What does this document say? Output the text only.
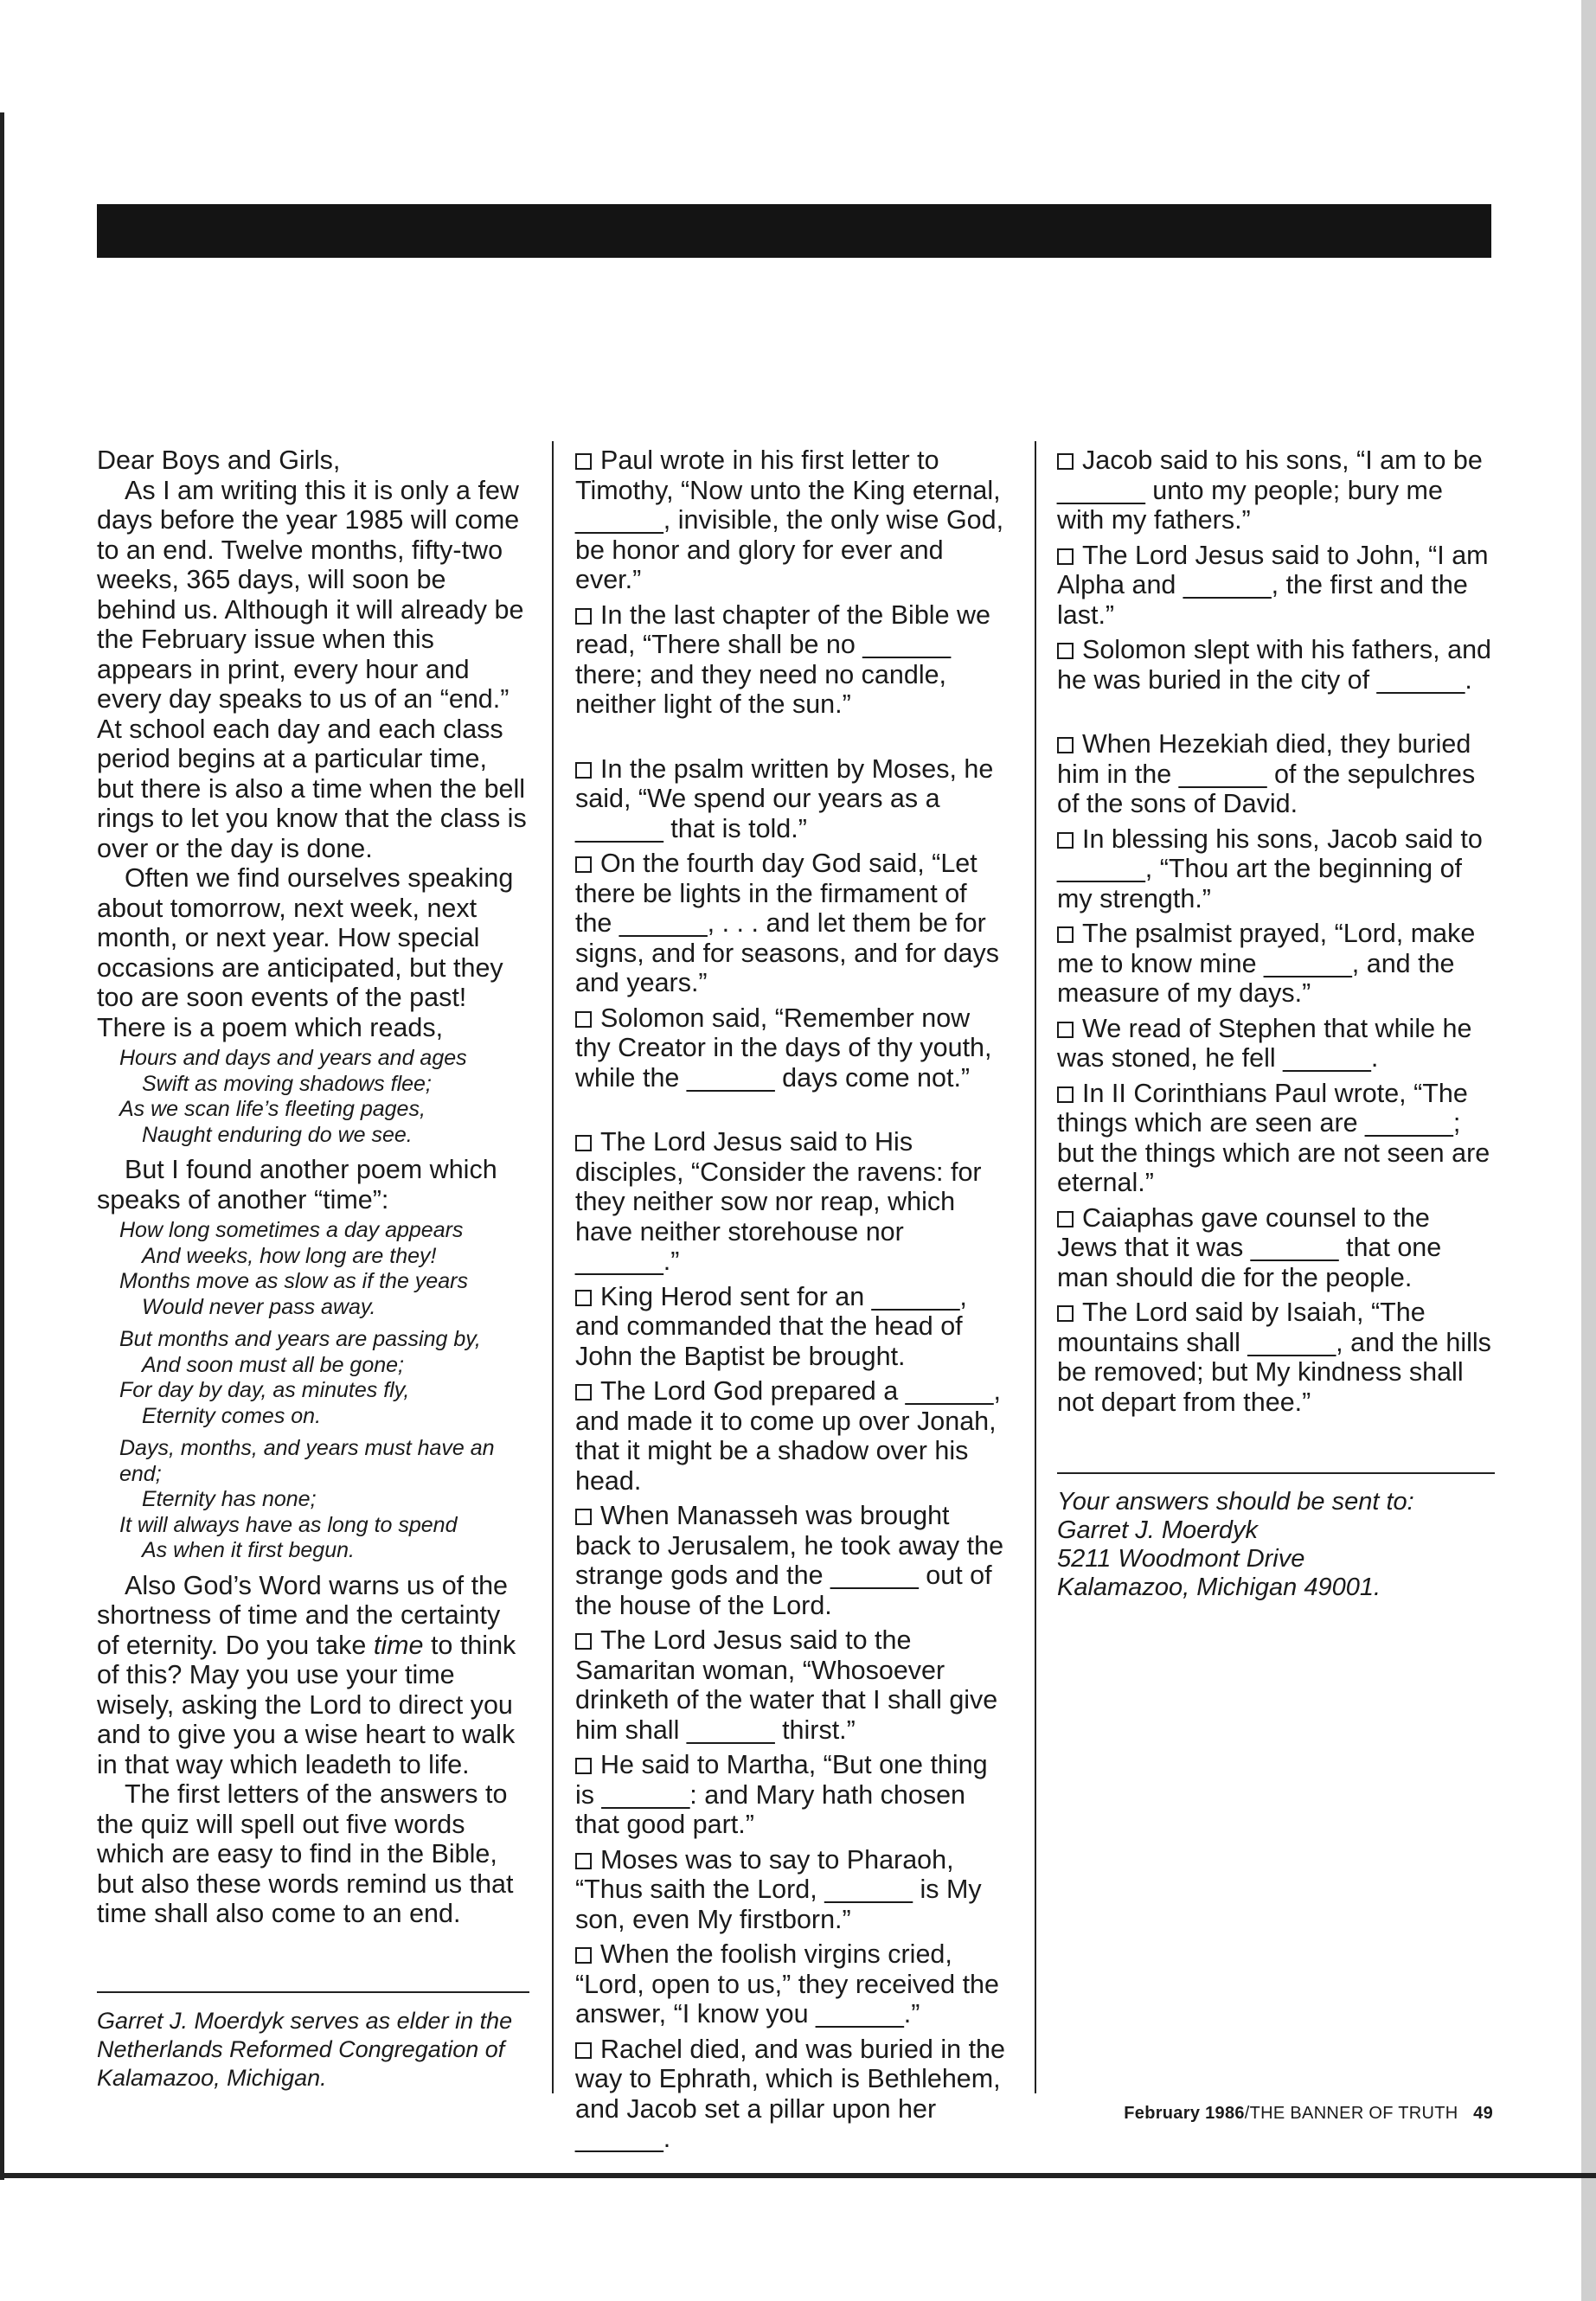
Dear Boys and Girls,

As I am writing this it is only a few days before the year 1985 will come to an end. Twelve months, fifty-two weeks, 365 days, will soon be behind us. Although it will already be the February issue when this appears in print, every hour and every day speaks to us of an “end.” At school each day and each class period begins at a particular time, but there is also a time when the bell rings to let you know that the class is over or the day is done.

Often we find ourselves speaking about tomorrow, next week, next month, or next year. How special occasions are anticipated, but they too are soon events of the past! There is a poem which reads,

Hours and days and years and ages
Swift as moving shadows flee;
As we scan life’s fleeting pages,
Naught enduring do we see.

But I found another poem which speaks of another “time”:

How long sometimes a day appears
And weeks, how long are they!
Months move as slow as if the years
Would never pass away.
But months and years are passing by,
And soon must all be gone;
For day by day, as minutes fly,
Eternity comes on.
Days, months, and years must have an end;
Eternity has none;
It will always have as long to spend
As when it first begun.

Also God’s Word warns us of the shortness of time and the certainty of eternity. Do you take time to think of this? May you use your time wisely, asking the Lord to direct you and to give you a wise heart to walk in that way which leadeth to life.

The first letters of the answers to the quiz will spell out five words which are easy to find in the Bible, but also these words remind us that time shall also come to an end.

Garret J. Moerdyk serves as elder in the Netherlands Reformed Congregation of Kalamazoo, Michigan.

Paul wrote in his first letter to Timothy, “Now unto the King eternal, ______, invisible, the only wise God, be honor and glory for ever and ever.”
In the last chapter of the Bible we read, “There shall be no ______ there; and they need no candle, neither light of the sun.”
In the psalm written by Moses, he said, “We spend our years as a ______ that is told.”
On the fourth day God said, “Let there be lights in the firmament of the ______, . . . and let them be for signs, and for seasons, and for days and years.”
Solomon said, “Remember now thy Creator in the days of thy youth, while the ______ days come not.”
The Lord Jesus said to His disciples, “Consider the ravens: for they neither sow nor reap, which have neither storehouse nor ______.”
King Herod sent for an ______, and commanded that the head of John the Baptist be brought.
The Lord God prepared a ______, and made it to come up over Jonah, that it might be a shadow over his head.
When Manasseh was brought back to Jerusalem, he took away the strange gods and the ______ out of the house of the Lord.
The Lord Jesus said to the Samaritan woman, “Whosoever drinketh of the water that I shall give him shall ______ thirst.”
He said to Martha, “But one thing is ______: and Mary hath chosen that good part.”
Moses was to say to Pharaoh, “Thus saith the Lord, ______ is My son, even My firstborn.”
When the foolish virgins cried, “Lord, open to us,” they received the answer, “I know you ______.”
Rachel died, and was buried in the way to Ephrath, which is Bethlehem, and Jacob set a pillar upon her ______.
Jacob said to his sons, “I am to be ______ unto my people; bury me with my fathers.”
The Lord Jesus said to John, “I am Alpha and ______, the first and the last.”
Solomon slept with his fathers, and he was buried in the city of ______.
When Hezekiah died, they buried him in the ______ of the sepulchres of the sons of David.
In blessing his sons, Jacob said to ______, “Thou art the beginning of my strength.”
The psalmist prayed, “Lord, make me to know mine ______, and the measure of my days.”
We read of Stephen that while he was stoned, he fell ______.
In II Corinthians Paul wrote, “The things which are seen are ______; but the things which are not seen are eternal.”
Caiaphas gave counsel to the Jews that it was ______ that one man should die for the people.
The Lord said by Isaiah, “The mountains shall ______, and the hills be removed; but My kindness shall not depart from thee.”
Your answers should be sent to:
Garret J. Moerdyk
5211 Woodmont Drive
Kalamazoo, Michigan 49001.
February 1986/THE BANNER OF TRUTH 49
